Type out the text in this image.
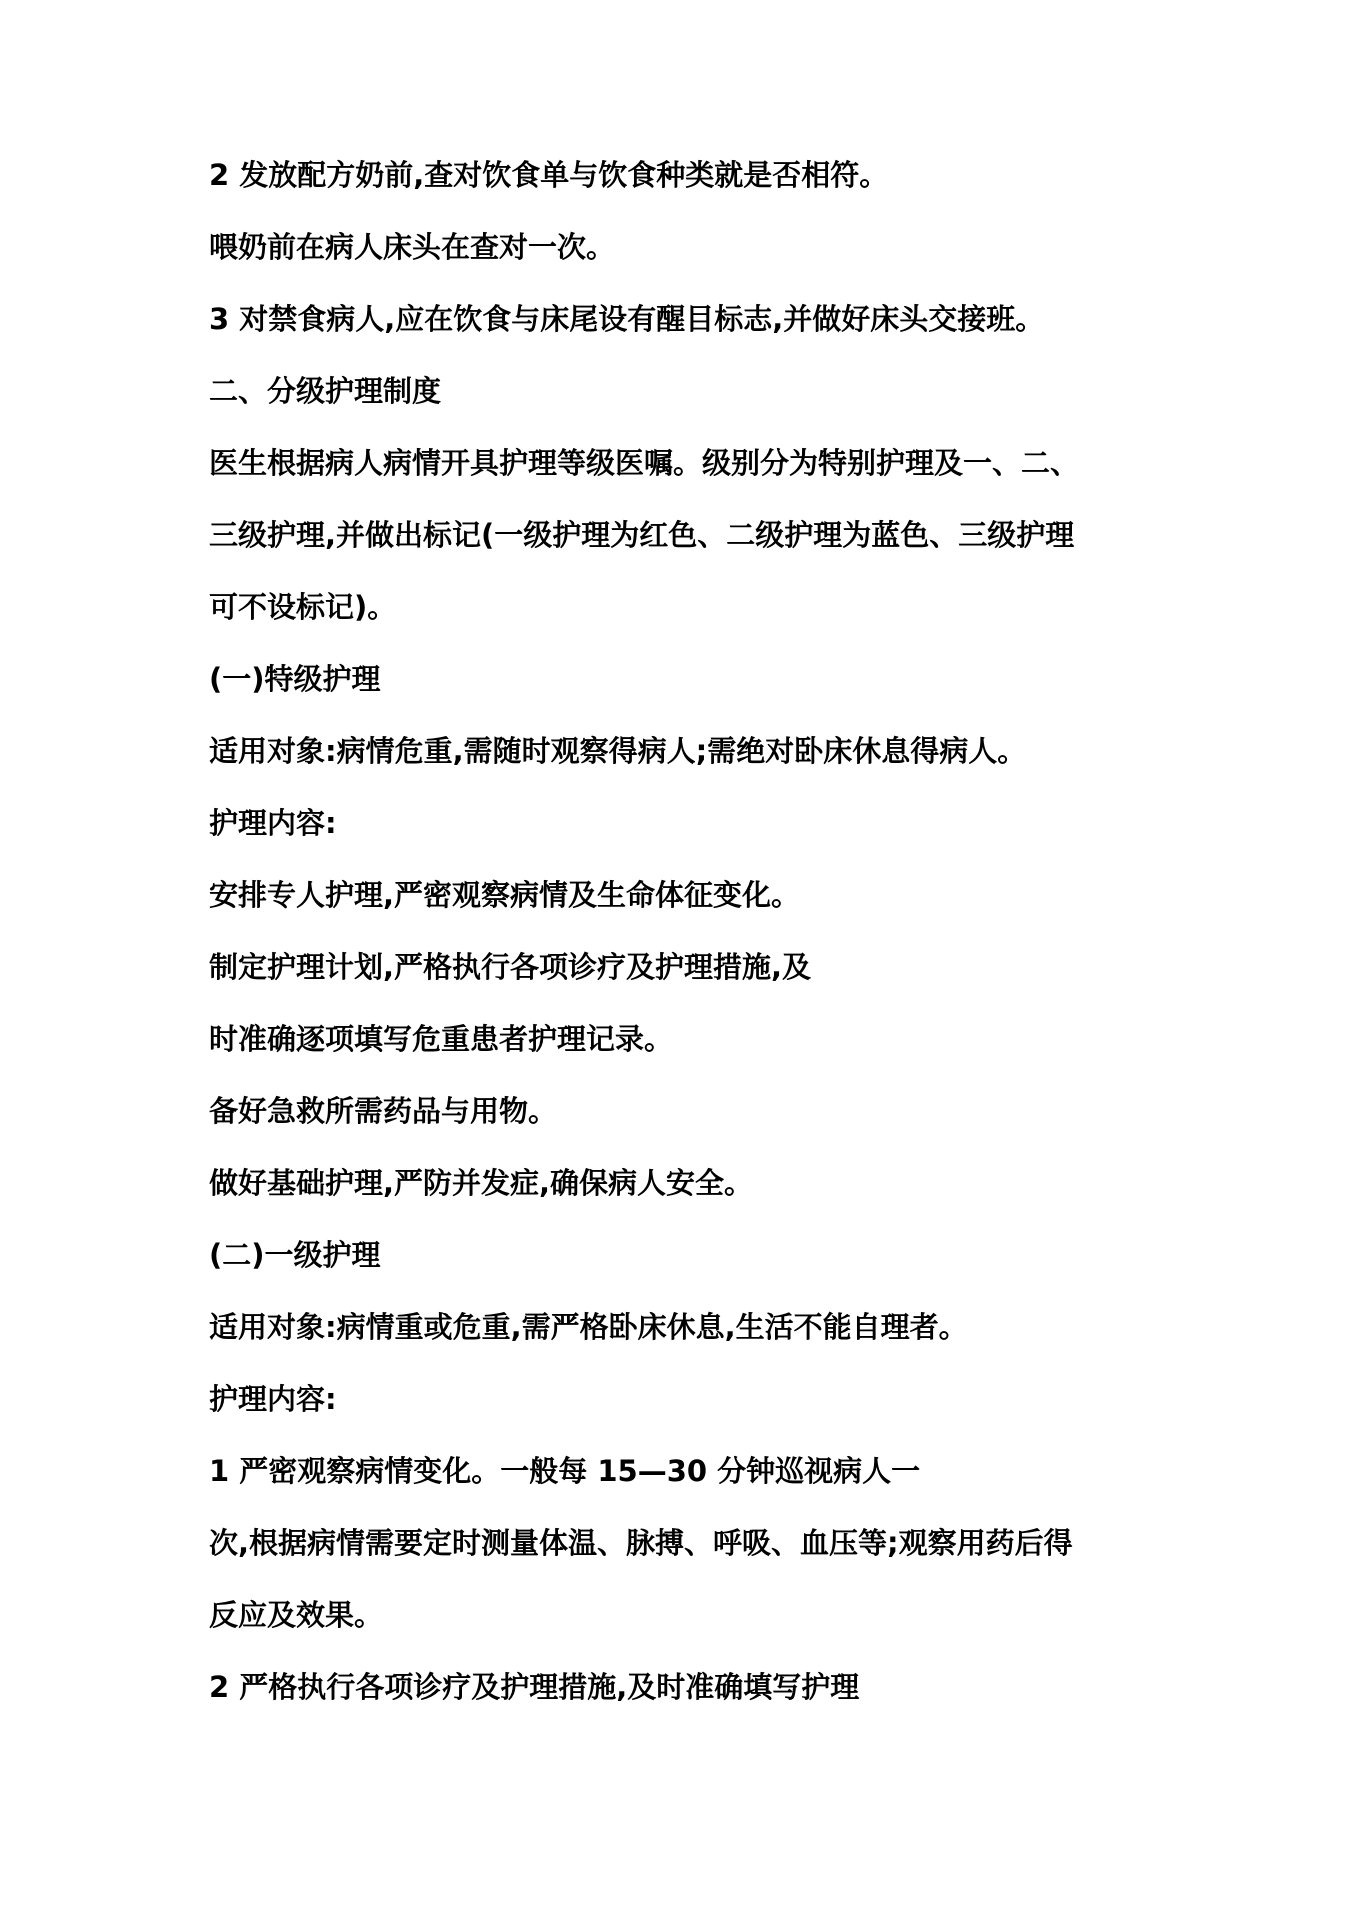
2 发放配方奶前,查对饮食单与饮食种类就是否相符。
喂奶前在病人床头在查对一次。
3 对禁食病人,应在饮食与床尾设有醒目标志,并做好床头交接班。
二、分级护理制度
医生根据病人病情开具护理等级医嘱。级别分为特别护理及一、二、
三级护理,并做出标记(一级护理为红色、二级护理为蓝色、三级护理
可不设标记)。
(一)特级护理
适用对象:病情危重,需随时观察得病人;需绝对卧床休息得病人。
护理内容:
安排专人护理,严密观察病情及生命体征变化。
制定护理计划,严格执行各项诊疗及护理措施,及
时准确逐项填写危重患者护理记录。
备好急救所需药品与用物。
做好基础护理,严防并发症,确保病人安全。
(二)一级护理
适用对象:病情重或危重,需严格卧床休息,生活不能自理者。
护理内容:
1 严密观察病情变化。一般每 15—30 分钟巡视病人一
次,根据病情需要定时测量体温、脉搏、呼吸、血压等;观察用药后得
反应及效果。
2 严格执行各项诊疗及护理措施,及时准确填写护理
